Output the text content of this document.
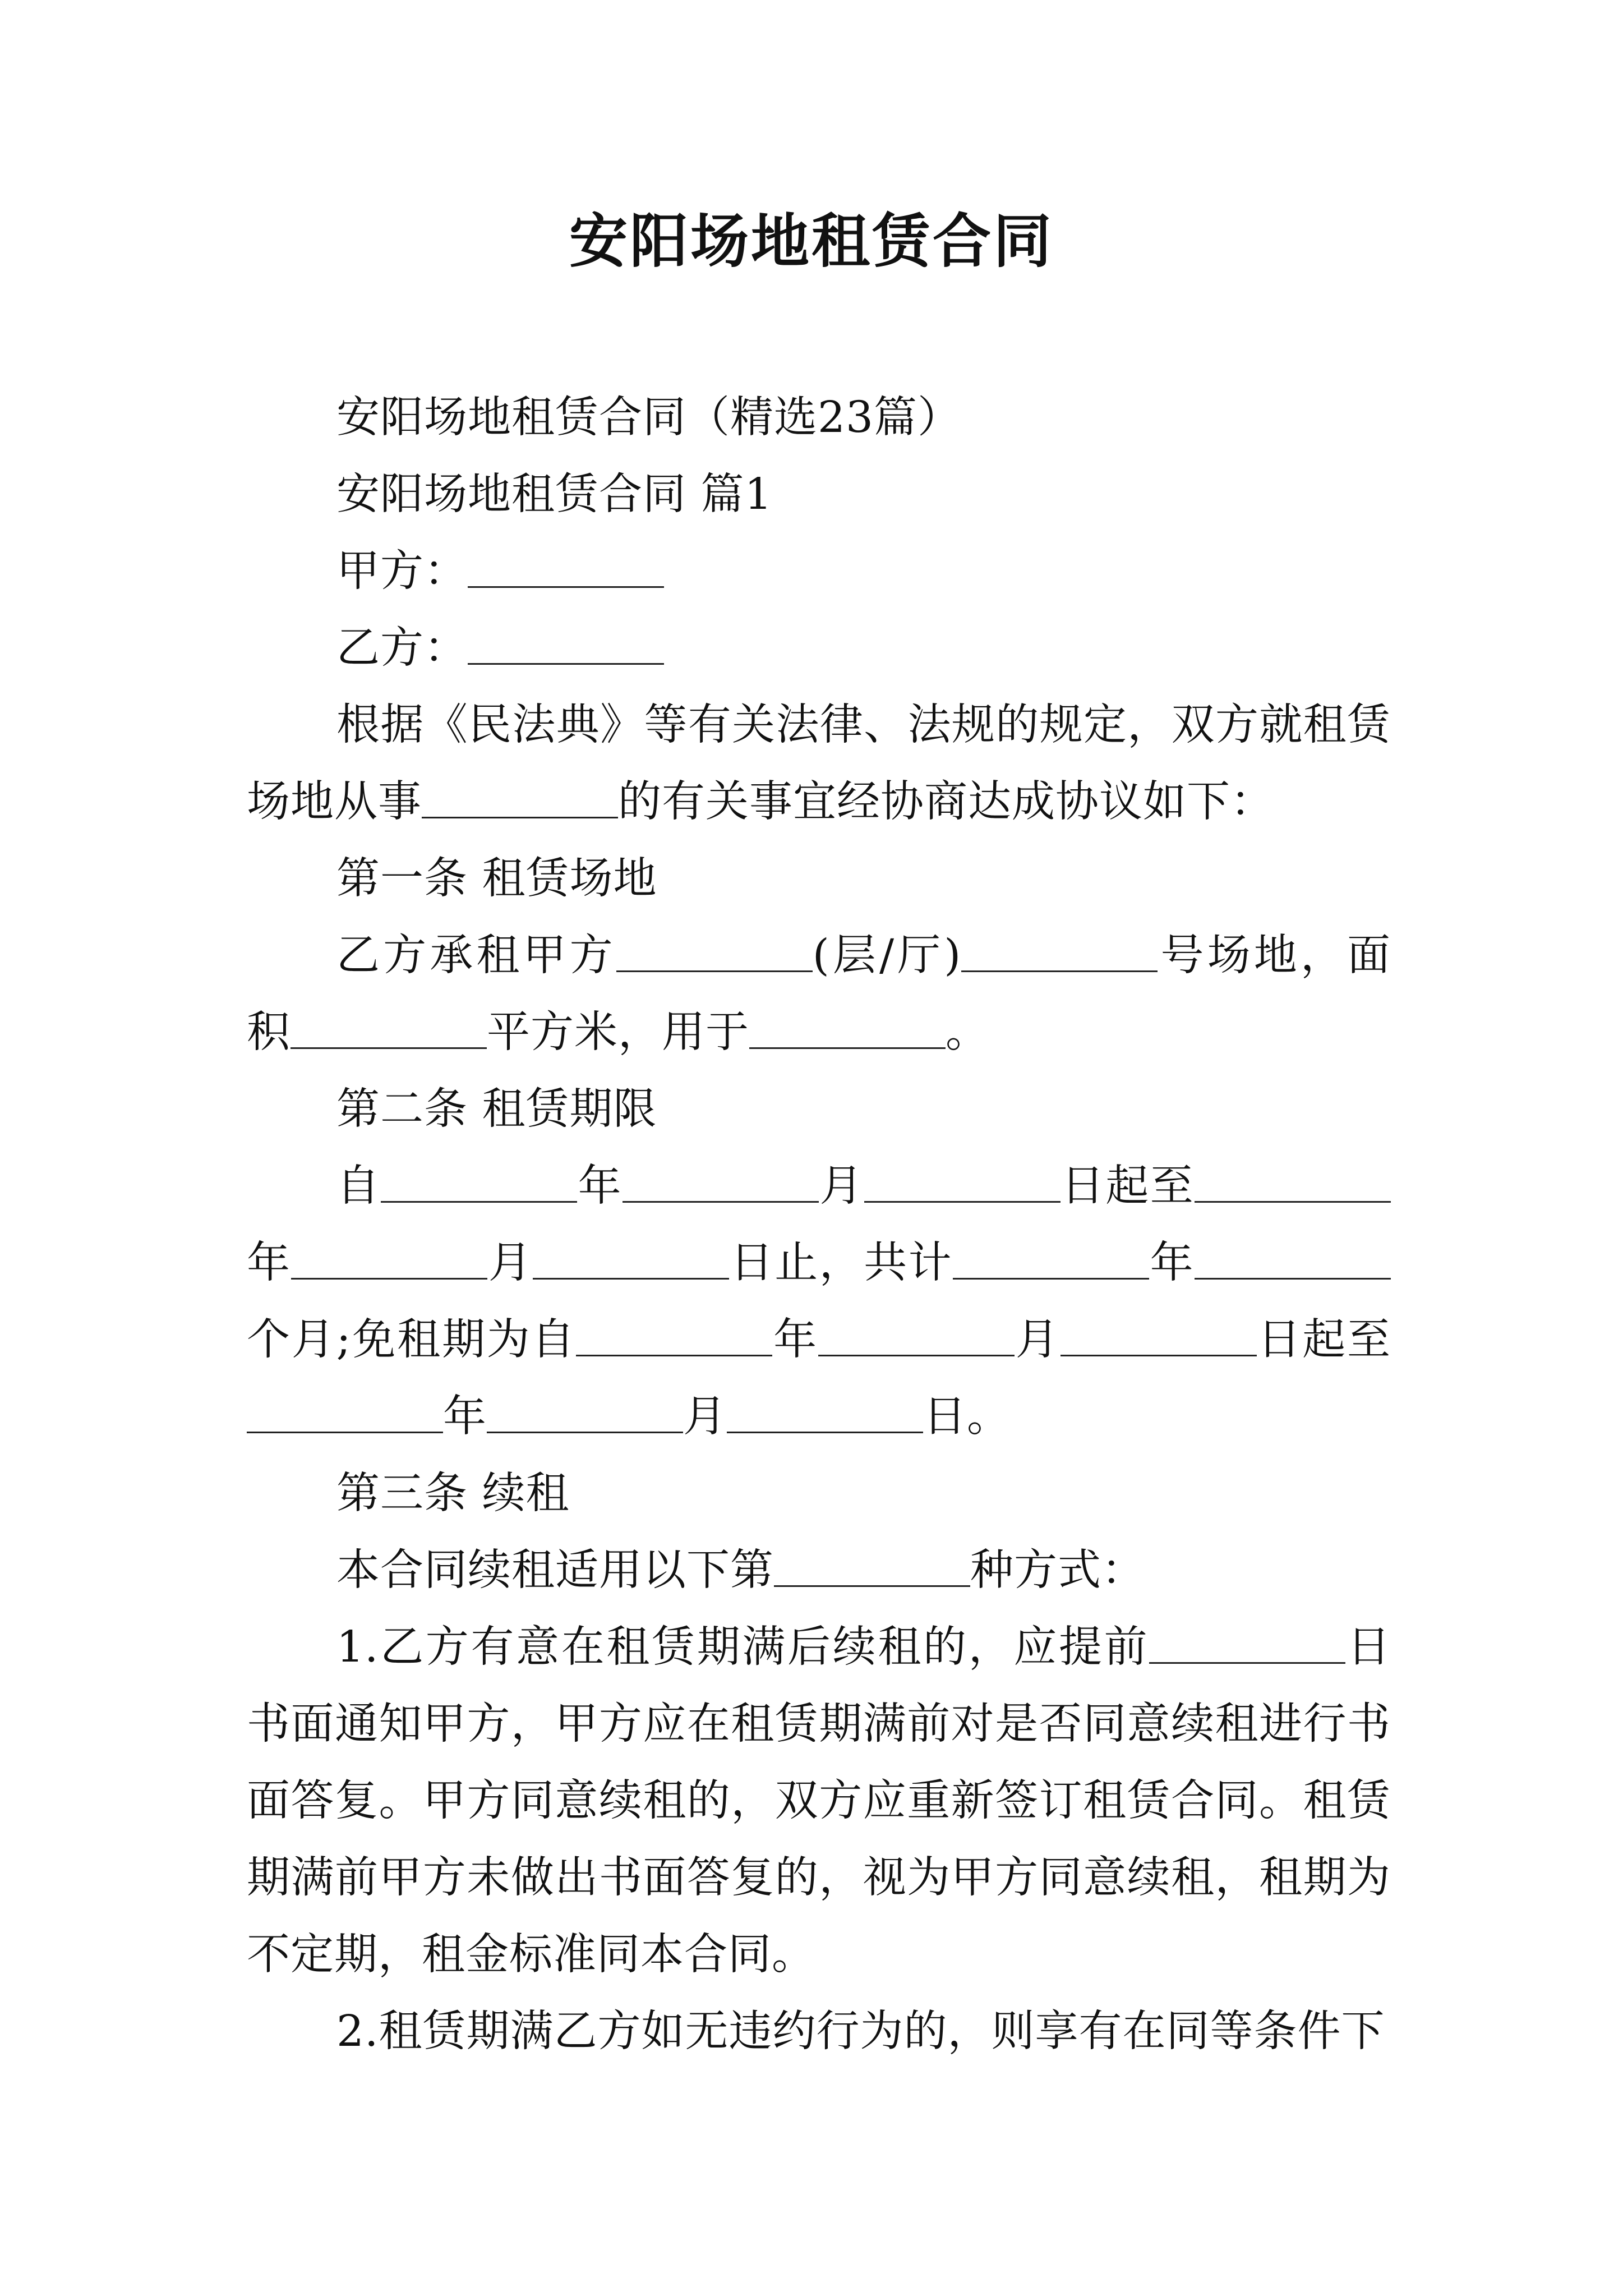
安阳场地租赁合同

安阳场地租赁合同（精选23篇）

安阳场地租赁合同 篇1

甲方：

乙方：

根据《民法典》等有关法律、法规的规定，双方就租赁场地从事	的有关事宜经协商达成协议如下：

第一条 租赁场地

乙方承租甲方	(层/厅)	号场地，面积	平方米，用于	。

第二条 租赁期限

自	年	月	日起至年	月	日止，共计	年个月;免租期为自	年	月	日起至年	月	日。

第三条 续租

本合同续租适用以下第	种方式：

1.乙方有意在租赁期满后续租的，应提前	日书面通知甲方，甲方应在租赁期满前对是否同意续租进行书面答复。甲方同意续租的，双方应重新签订租赁合同。租赁期满前甲方未做出书面答复的，视为甲方同意续租，租期为不定期，租金标准同本合同。

2.租赁期满乙方如无违约行为的，则享有在同等条件下
